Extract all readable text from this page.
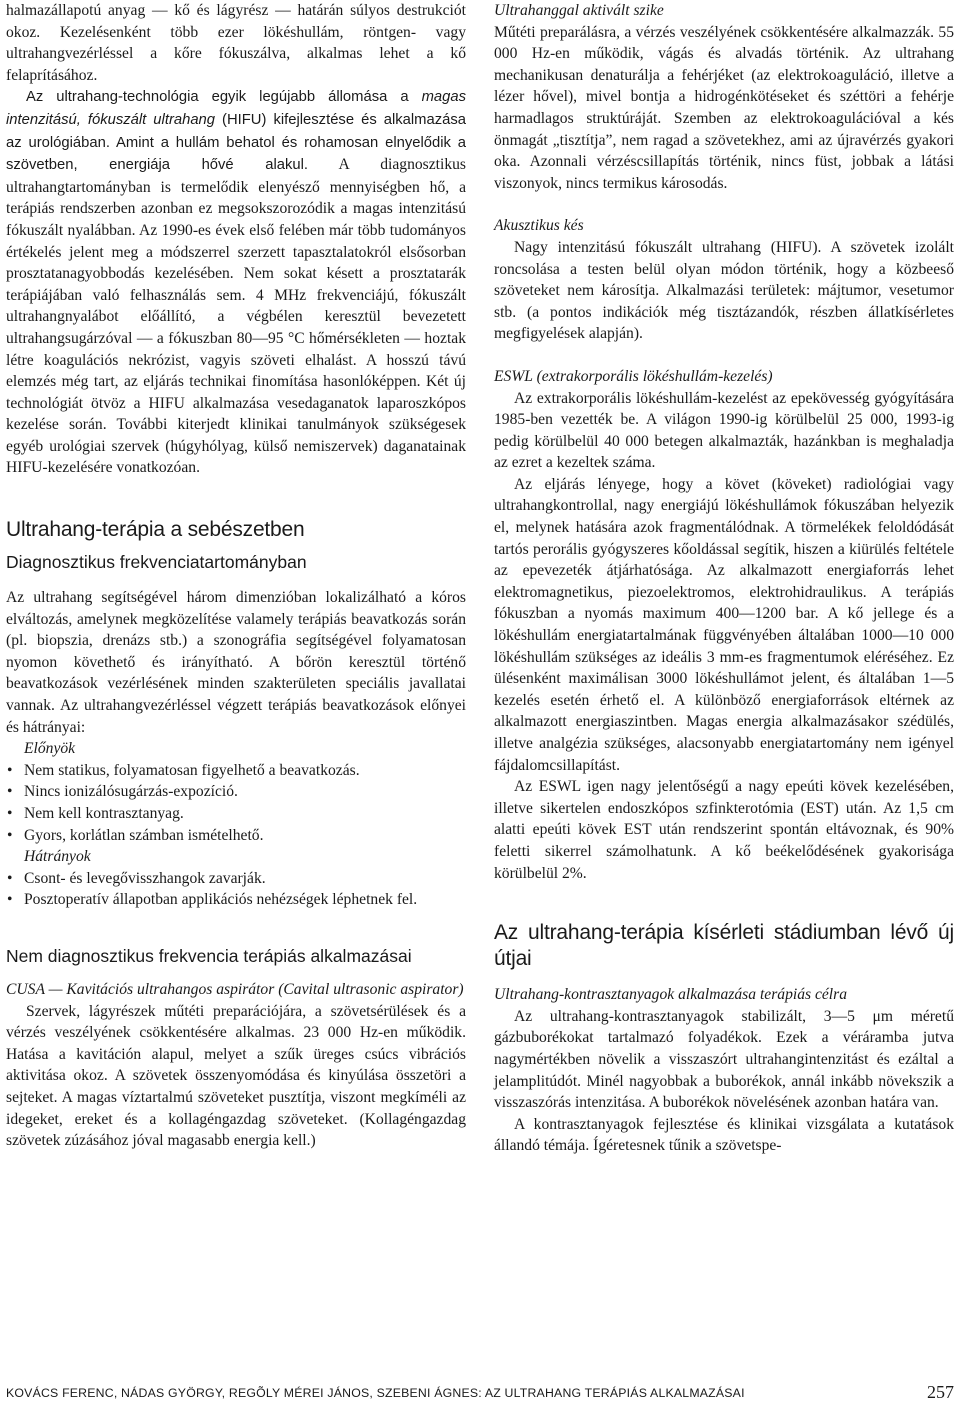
halmazállapotú anyag — kő és lágyrész — határán súlyos destrukciót okoz. Kezelésenként több ezer lökéshullám, röntgen- vagy ultrahangvezérléssel a kőre fókuszálva, alkalmas lehet a kő felaprításához.

Az ultrahang-technológia egyik legújabb állomása a magas intenzitású, fókuszált ultrahang (HIFU) kifejlesztése és alkalmazása az urológiában. Amint a hullám behatol és rohamosan elnyelődik a szövetben, energiája hővé alakul. A diagnosztikus ultrahangtartományban is termelődik elenyésző mennyiségben hő, a terápiás rendszerben azonban ez megsokszorozódik a magas intenzitású fókuszált nyalábban. Az 1990-es évek első felében már több tudományos értékelés jelent meg a módszerrel szerzett tapasztalatokról elsősorban prosztatanagyobbodás kezelésében. Nem sokat késett a prosztatarák terápiájában való felhasználás sem. 4 MHz frekvenciájú, fókuszált ultrahangnyalábot előállító, a végbélen keresztül bevezetett ultrahangsugárzóval — a fókuszban 80—95 °C hőmérsékleten — hoztak létre koagulációs nekrózist, vagyis szöveti elhalást. A hosszú távú elemzés még tart, az eljárás technikai finomítása hasonlóképpen. Két új technológiát ötvöz a HIFU alkalmazása vesedaganatok laparoszkópos kezelése során. További kiterjedt klinikai tanulmányok szükségesek egyéb urológiai szervek (húgyhólyag, külső nemiszervek) daganatainak HIFU-kezelésére vonatkozóan.

Ultrahang-terápia a sebészetben
Diagnosztikus frekvenciatartományban

Az ultrahang segítségével három dimenzióban lokalizálható a kóros elváltozás, amelynek megközelítése valamely terápiás beavatkozás során (pl. biopszia, drenázs stb.) a szonográfia segítségével folyamatosan nyomon követhető és irányítható. A bőrön keresztül történő beavatkozások vezérlésének minden szakterületen speciális javallatai vannak. Az ultrahangvezérléssel végzett terápiás beavatkozások előnyei és hátrányai:

Előnyök

• Nem statikus, folyamatosan figyelhető a beavatkozás.

• Nincs ionizálósugárzás-expozíció.

• Nem kell kontrasztanyag.

• Gyors, korlátlan számban ismételhető.

Hátrányok

• Csont- és levegővisszhangok zavarják.

• Posztoperatív állapotban applikációs nehézségek léphetnek fel.

Nem diagnosztikus frekvencia terápiás alkalmazásai

CUSA — Kavitációs ultrahangos aspirátor (Cavital ultrasonic aspirator)

Szervek, lágyrészek műtéti preparációjára, a szövetsérülések és a vérzés veszélyének csökkentésére alkalmas. 23 000 Hz-en működik. Hatása a kavitáción alapul, melyet a szűk üreges csúcs vibrációs aktivitása okoz. A szövetek összenyomódása és kinyúlása összetöri a sejteket. A magas víztartalmú szöveteket pusztítja, viszont megkíméli az idegeket, ereket és a kollagéngazdag szöveteket. (Kollagéngazdag szövetek zúzásához jóval magasabb energia kell.)

Ultrahanggal aktivált szike

Műtéti preparálásra, a vérzés veszélyének csökkentésére alkalmazzák. 55 000 Hz-en működik, vágás és alvadás történik. Az ultrahang mechanikusan denaturálja a fehérjéket (az elektrokoaguláció, illetve a lézer hővel), mivel bontja a hidrogénkötéseket és széttöri a fehérje harmadlagos struktúráját. Szemben az elektrokoagulációval a kés önmagát „tisztítja”, nem ragad a szövetekhez, ami az újravérzés gyakori oka. Azonnali vérzéscsillapítás történik, nincs füst, jobbak a látási viszonyok, nincs termikus károsodás.

Akusztikus kés

Nagy intenzitású fókuszált ultrahang (HIFU). A szövetek izolált roncsolása a testen belül olyan módon történik, hogy a közbeeső szöveteket nem károsítja. Alkalmazási területek: májtumor, vesetumor stb. (a pontos indikációk még tisztázandók, részben állatkísérletes megfigyelések alapján).

ESWL (extrakorporális lökéshullám-kezelés)

Az extrakorporális lökéshullám-kezelést az epekövesség gyógyítására 1985-ben vezették be. A világon 1990-ig körülbelül 25 000, 1993-ig pedig körülbelül 40 000 betegen alkalmazták, hazánkban is meghaladja az ezret a kezeltek száma.

Az eljárás lényege, hogy a követ (köveket) radiológiai vagy ultrahangkontrollal, nagy energiájú lökéshullámok fókuszában helyezik el, melynek hatására azok fragmentálódnak. A törmelékek feloldódását tartós perorális gyógyszeres kőoldással segítik, hiszen a kiürülés feltétele az epevezeték átjárhatósága. Az alkalmazott energiaforrás lehet elektromagnetikus, piezoelektromos, elektrohidraulikus. A terápiás fókuszban a nyomás maximum 400—1200 bar. A kő jellege és a lökéshullám energiatartalmának függvényében általában 1000—10 000 lökéshullám szükséges az ideális 3 mm-es fragmentumok eléréséhez. Ez ülésenként maximálisan 3000 lökéshullámot jelent, és általában 1—5 kezelés esetén érhető el. A különböző energiaforrások eltérnek az alkalmazott energiaszintben. Magas energia alkalmazásakor szédülés, illetve analgézia szükséges, alacsonyabb energiatartomány nem igényel fájdalomcsillapítást.

Az ESWL igen nagy jelentőségű a nagy epeúti kövek kezelésében, illetve sikertelen endoszkópos szfinkterotómia (EST) után. Az 1,5 cm alatti epeúti kövek EST után rendszerint spontán eltávoznak, és 90% feletti sikerrel számolhatunk. A kő beékelődésének gyakorisága körülbelül 2%.

Az ultrahang-terápia kísérleti stádiumban lévő új útjai

Ultrahang-kontrasztanyagok alkalmazása terápiás célra

Az ultrahang-kontrasztanyagok stabilizált, 3—5 μm méretű gázbuborékokat tartalmazó folyadékok. Ezek a véráramba jutva nagymértékben növelik a visszaszórt ultrahangintenzitást és ezáltal a jelamplitúdót. Minél nagyobbak a buborékok, annál inkább növekszik a visszaszórás intenzitása. A buborékok növelésének azonban határa van.

A kontrasztanyagok fejlesztése és klinikai vizsgálata a kutatások állandó témája. Ígéretesnek tűnik a szövetspe-

KOVÁCS FERENC, NÁDAS GYÖRGY, REGÕLY MÉREI JÁNOS, SZEBENI ÁGNES: AZ ULTRAHANG TERÁPIÁS ALKALMAZÁSAI	257
